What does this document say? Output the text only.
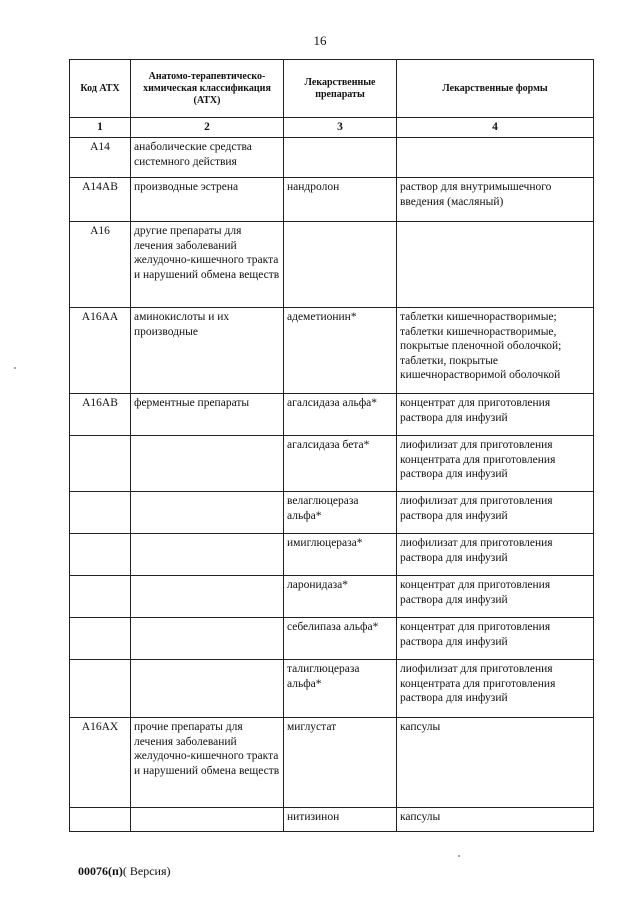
16
Код АТХ	Анатомо-терапевтическо-химическая классификация (АТХ)	Лекарственные препараты	Лекарственные формы
1	2	3	4
A14	анаболические средства системного действия		
A14AB	производные эстрена	нандролон	раствор для внутримышечного введения (масляный)
A16	другие препараты для лечения заболеваний желудочно-кишечного тракта и нарушений обмена веществ		
A16AA	аминокислоты и их производные	адеметионин*	таблетки кишечнорастворимые; таблетки кишечнорастворимые, покрытые пленочной оболочкой; таблетки, покрытые кишечнорастворимой оболочкой
A16AB	ферментные препараты	агалсидаза альфа*	концентрат для приготовления раствора для инфузий
		агалсидаза бета*	лиофилизат для приготовления концентрата для приготовления раствора для инфузий
		велаглюцераза альфа*	лиофилизат для приготовления раствора для инфузий
		имиглюцераза*	лиофилизат для приготовления раствора для инфузий
		ларонидаза*	концентрат для приготовления раствора для инфузий
		себелипаза альфа*	концентрат для приготовления раствора для инфузий
		талиглюцераза альфа*	лиофилизат для приготовления концентрата для приготовления раствора для инфузий
A16AX	прочие препараты для лечения заболеваний желудочно-кишечного тракта и нарушений обмена веществ	миглустат	капсулы
		нитизинон	капсулы
00076(п)( Версия)
